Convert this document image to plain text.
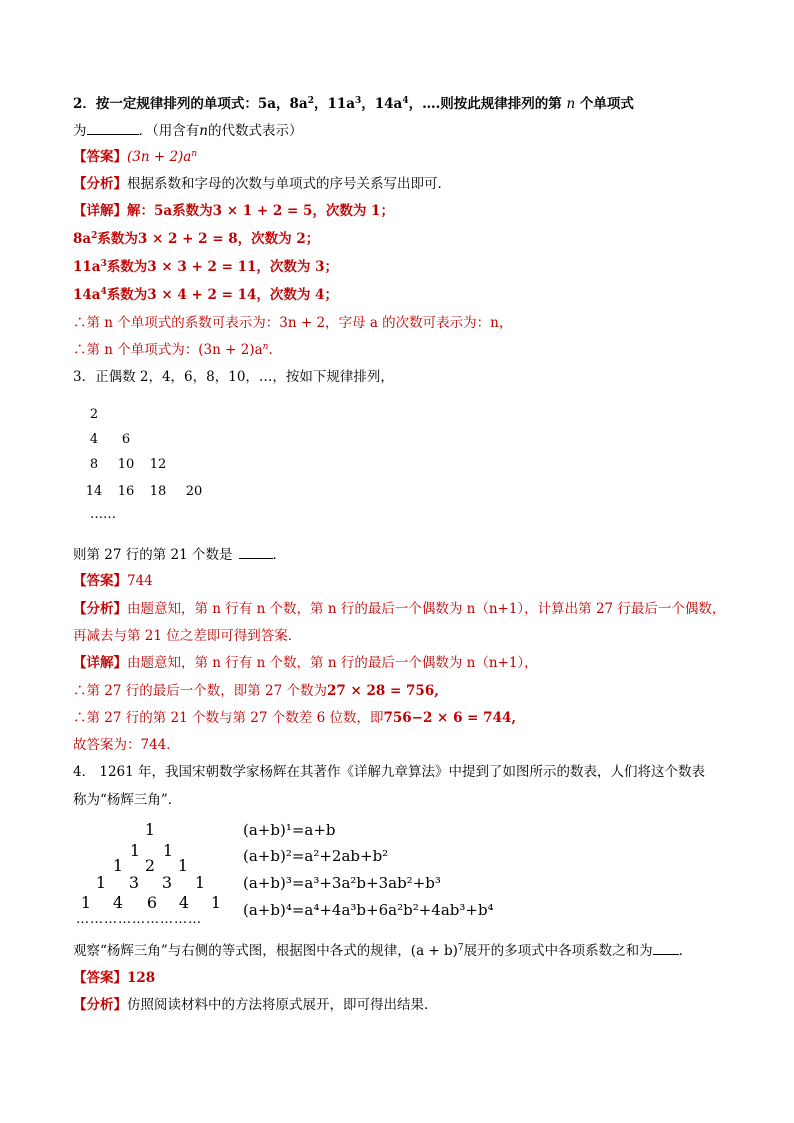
2．按一定规律排列的单项式：5a，$8a^2$，$11a^3$，$14a^4$，….则按此规律排列的第 n 个单项式
为	．（用含有n的代数式表示）
【答案】$(3n + 2)a^n$
【分析】根据系数和字母的次数与单项式的序号关系写出即可．
【详解】解：5a系数为3 × 1 + 2 = 5，次数为 1；
$8a^2$系数为3 × 2 + 2 = 8，次数为 2；
$11a^3$系数为3 × 3 + 2 = 11，次数为 3；
$14a^4$系数为3 × 4 + 2 = 14，次数为 4；
∴第 n 个单项式的系数可表示为：3n + 2，字母 a 的次数可表示为：n，
∴第 n 个单项式为：$(3n + 2)a^n$.
3．正偶数 2，4，6，8，10，…，按如下规律排列，
2
4	6
8	10 12
14 16 18 20
……
则第 27 行的第 21 个数是	．
【答案】744
【分析】由题意知，第 n 行有 n 个数，第 n 行的最后一个偶数为 n（n+1），计算出第 27 行最后一个偶数，
再减去与第 21 位之差即可得到答案．
【详解】由题意知，第 n 行有 n 个数，第 n 行的最后一个偶数为 n（n+1），
∴第 27 行的最后一个数，即第 27 个数为27 × 28 = 756,
∴第 27 行的第 21 个数与第 27 个数差 6 位数，即756−2 × 6 = 744,
故答案为：744．
4． 1261 年，我国宋朝数学家杨辉在其著作《详解九章算法》中提到了如图所示的数表，人们将这个数表
称为“杨辉三角”．
1
1	1
1	2	1
1	3	3	1
1	4	6	4	1
………………………
(a+b)¹=a+b
(a+b)²=a²+2ab+b²
(a+b)³=a³+3a²b+3ab²+b³
(a+b)⁴=a⁴+4a³b+6a²b²+4ab³+b⁴
观察“杨辉三角”与右侧的等式图，根据图中各式的规律，$(a + b)^7$展开的多项式中各项系数之和为 ．
【答案】128
【分析】仿照阅读材料中的方法将原式展开，即可得出结果．
